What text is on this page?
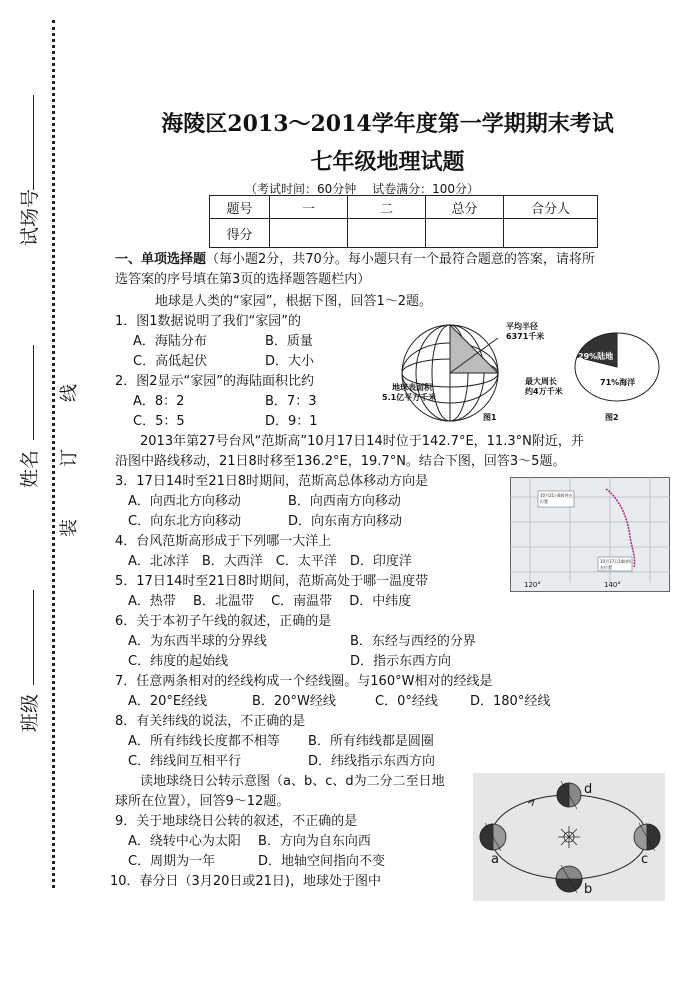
试场号
姓名
班级
线
订
装
海陵区2013～2014学年度第一学期期末考试
七年级地理试题
（考试时间：60分钟　 试卷满分：100分）
题号	一	二	总分	合分人
得分				
一、单项选择题（每小题2分，共70分。每小题只有一个最符合题意的答案，请将所
选答案的序号填在第3页的选择题答题栏内）
地球是人类的“家园”，根据下图，回答1～2题。
1．图1数据说明了我们“家园”的
A．海陆分布	B．质量
C．高低起伏	D．大小
2．图2显示“家园”的海陆面积比约
A．8：2	B．7：3
C．5：5	D．9：1
平均半径
6371千米
地球表面积
5.1亿平方千米
最大周长
约4万千米
图1
29%陆地
71%海洋
图2
2013年第27号台风“范斯高”10月17日14时位于142.7°E，11.3°N附近，并
沿图中路线移动，21日8时移至136.2°E，19.7°N。结合下图，回答3～5题。
3．17日14时至21日8时期间，范斯高总体移动方向是
A．向西北方向移动	B．向西南方向移动
C．向东北方向移动	D．向东南方向移动
4．台风范斯高形成于下列哪一大洋上
A．北冰洋　B．大西洋　C．太平洋　D．印度洋
5．17日14时至21日8时期间，范斯高处于哪一温度带
A．热带　 B．北温带　 C．南温带　 D．中纬度
10月21日8时所在位置
10月17日14时所在位置
120°	140°
6．关于本初子午线的叙述，正确的是
A．为东西半球的分界线	B．东经与西经的分界
C．纬度的起始线	D．指示东西方向
7．任意两条相对的经线构成一个经线圈。与160°W相对的经线是
A．20°E经线	B．20°W经线	C．0°经线 D．180°经线
8．有关纬线的说法，不正确的是
A．所有纬线长度都不相等 B．所有纬线都是圆圈
C．纬线间互相平行	D．纬线指示东西方向
读地球绕日公转示意图（a、b、c、d为二分二至日地
球所在位置），回答9～12题。
9．关于地球绕日公转的叙述，不正确的是
A．绕转中心为太阳 B．方向为自东向西
C．周期为一年	D．地轴空间指向不变
10．春分日（3月20日或21日)，地球处于图中
d
a	c
b
